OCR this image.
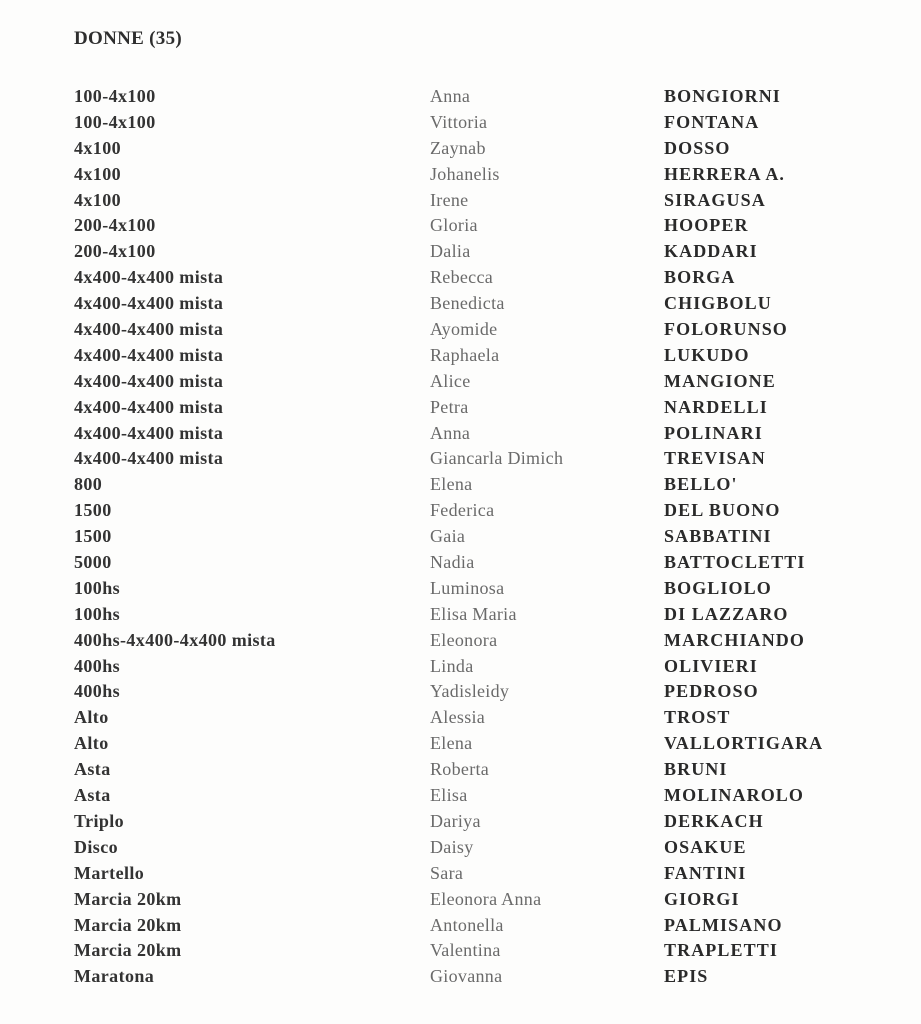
DONNE (35)
100-4x100	Anna	BONGIORNI
100-4x100	Vittoria	FONTANA
4x100	Zaynab	DOSSO
4x100	Johanelis	HERRERA A.
4x100	Irene	SIRAGUSA
200-4x100	Gloria	HOOPER
200-4x100	Dalia	KADDARI
4x400-4x400 mista	Rebecca	BORGA
4x400-4x400 mista	Benedicta	CHIGBOLU
4x400-4x400 mista	Ayomide	FOLORUNSO
4x400-4x400 mista	Raphaela	LUKUDO
4x400-4x400 mista	Alice	MANGIONE
4x400-4x400 mista	Petra	NARDELLI
4x400-4x400 mista	Anna	POLINARI
4x400-4x400 mista	Giancarla Dimich	TREVISAN
800	Elena	BELLO'
1500	Federica	DEL BUONO
1500	Gaia	SABBATINI
5000	Nadia	BATTOCLETTI
100hs	Luminosa	BOGLIOLO
100hs	Elisa Maria	DI LAZZARO
400hs-4x400-4x400 mista	Eleonora	MARCHIANDO
400hs	Linda	OLIVIERI
400hs	Yadisleidy	PEDROSO
Alto	Alessia	TROST
Alto	Elena	VALLORTIGARA
Asta	Roberta	BRUNI
Asta	Elisa	MOLINAROLO
Triplo	Dariya	DERKACH
Disco	Daisy	OSAKUE
Martello	Sara	FANTINI
Marcia 20km	Eleonora Anna	GIORGI
Marcia 20km	Antonella	PALMISANO
Marcia 20km	Valentina	TRAPLETTI
Maratona	Giovanna	EPIS
